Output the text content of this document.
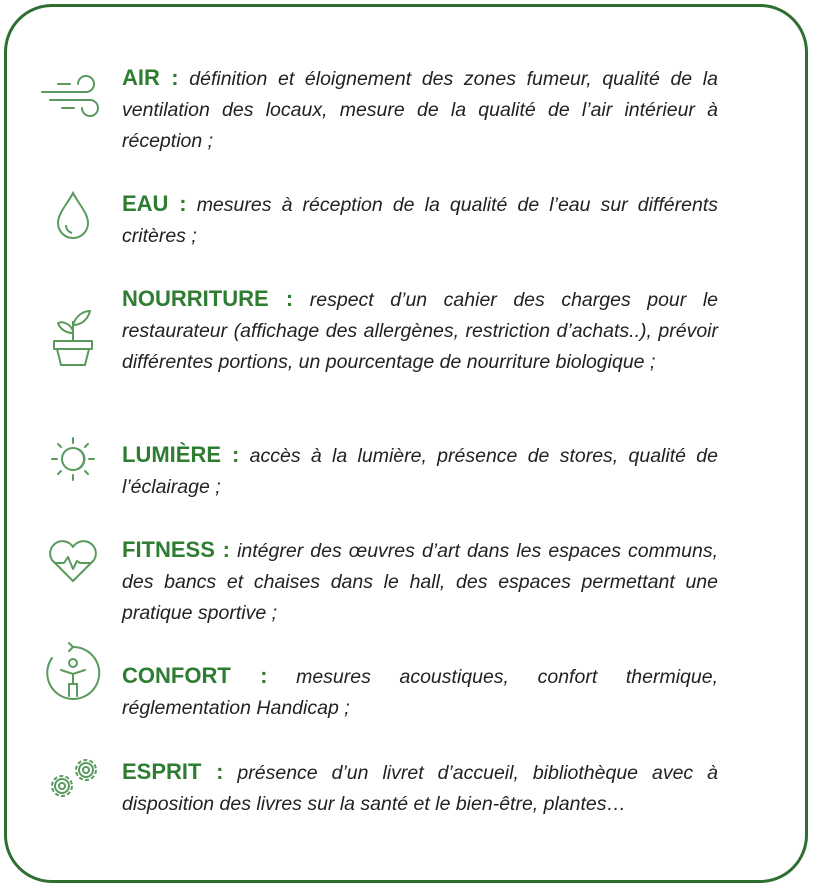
AIR : définition et éloignement des zones fumeur, qualité de la ventilation des locaux, mesure de la qualité de l’air intérieur à réception ;
EAU : mesures à réception de la qualité de l’eau sur différents critères ;
NOURRITURE : respect d’un cahier des charges pour le restaurateur (affichage des allergènes, restriction d’achats..), prévoir différentes portions, un pourcentage de nourriture biologique ;
LUMIÈRE : accès à la lumière, présence de stores, qualité de l’éclairage ;
FITNESS : intégrer des œuvres d’art dans les espaces communs, des bancs et chaises dans le hall, des espaces permettant une pratique sportive ;
CONFORT : mesures acoustiques, confort thermique, réglementation Handicap ;
ESPRIT : présence d’un livret d’accueil, bibliothèque avec à disposition des livres sur la santé et le bien-être, plantes…
